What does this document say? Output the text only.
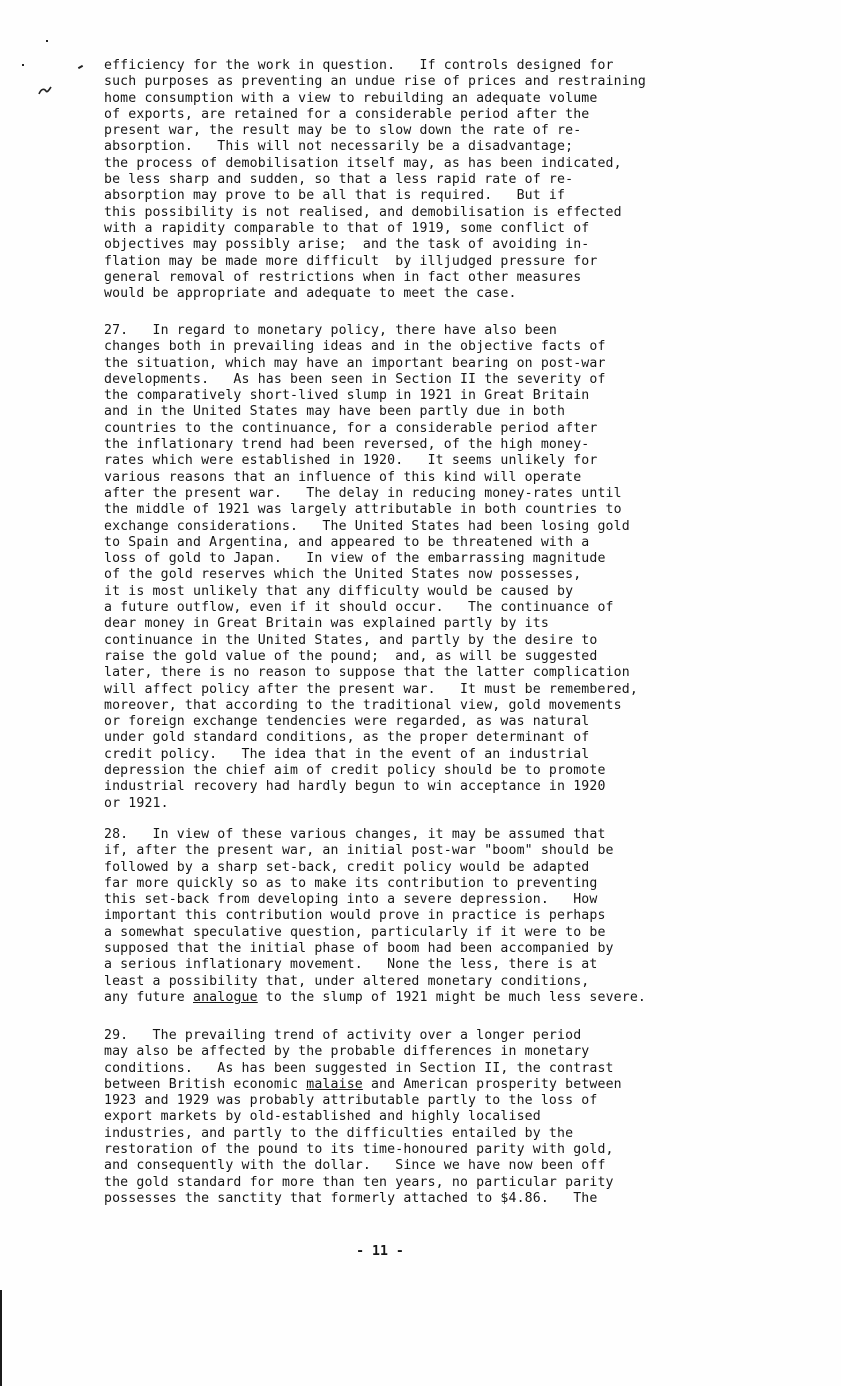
efficiency for the work in question.   If controls designed for
such purposes as preventing an undue rise of prices and restraining
home consumption with a view to rebuilding an adequate volume
of exports, are retained for a considerable period after the
present war, the result may be to slow down the rate of re-
absorption.   This will not necessarily be a disadvantage;
the process of demobilisation itself may, as has been indicated,
be less sharp and sudden, so that a less rapid rate of re-
absorption may prove to be all that is required.   But if
this possibility is not realised, and demobilisation is effected
with a rapidity comparable to that of 1919, some conflict of
objectives may possibly arise;  and the task of avoiding in-
flation may be made more difficult  by illjudged pressure for
general removal of restrictions when in fact other measures
would be appropriate and adequate to meet the case.
27.   In regard to monetary policy, there have also been
changes both in prevailing ideas and in the objective facts of
the situation, which may have an important bearing on post-war
developments.   As has been seen in Section II the severity of
the comparatively short-lived slump in 1921 in Great Britain
and in the United States may have been partly due in both
countries to the continuance, for a considerable period after
the inflationary trend had been reversed, of the high money-
rates which were established in 1920.   It seems unlikely for
various reasons that an influence of this kind will operate
after the present war.   The delay in reducing money-rates until
the middle of 1921 was largely attributable in both countries to
exchange considerations.   The United States had been losing gold
to Spain and Argentina, and appeared to be threatened with a
loss of gold to Japan.   In view of the embarrassing magnitude
of the gold reserves which the United States now possesses,
it is most unlikely that any difficulty would be caused by
a future outflow, even if it should occur.   The continuance of
dear money in Great Britain was explained partly by its
continuance in the United States, and partly by the desire to
raise the gold value of the pound;  and, as will be suggested
later, there is no reason to suppose that the latter complication
will affect policy after the present war.   It must be remembered,
moreover, that according to the traditional view, gold movements
or foreign exchange tendencies were regarded, as was natural
under gold standard conditions, as the proper determinant of
credit policy.   The idea that in the event of an industrial
depression the chief aim of credit policy should be to promote
industrial recovery had hardly begun to win acceptance in 1920
or 1921.
28.   In view of these various changes, it may be assumed that
if, after the present war, an initial post-war "boom" should be
followed by a sharp set-back, credit policy would be adapted
far more quickly so as to make its contribution to preventing
this set-back from developing into a severe depression.   How
important this contribution would prove in practice is perhaps
a somewhat speculative question, particularly if it were to be
supposed that the initial phase of boom had been accompanied by
a serious inflationary movement.   None the less, there is at
least a possibility that, under altered monetary conditions,
any future analogue to the slump of 1921 might be much less severe.
29.   The prevailing trend of activity over a longer period
may also be affected by the probable differences in monetary
conditions.   As has been suggested in Section II, the contrast
between British economic malaise and American prosperity between
1923 and 1929 was probably attributable partly to the loss of
export markets by old-established and highly localised
industries, and partly to the difficulties entailed by the
restoration of the pound to its time-honoured parity with gold,
and consequently with the dollar.   Since we have now been off
the gold standard for more than ten years, no particular parity
possesses the sanctity that formerly attached to $4.86.   The
- 11 -
